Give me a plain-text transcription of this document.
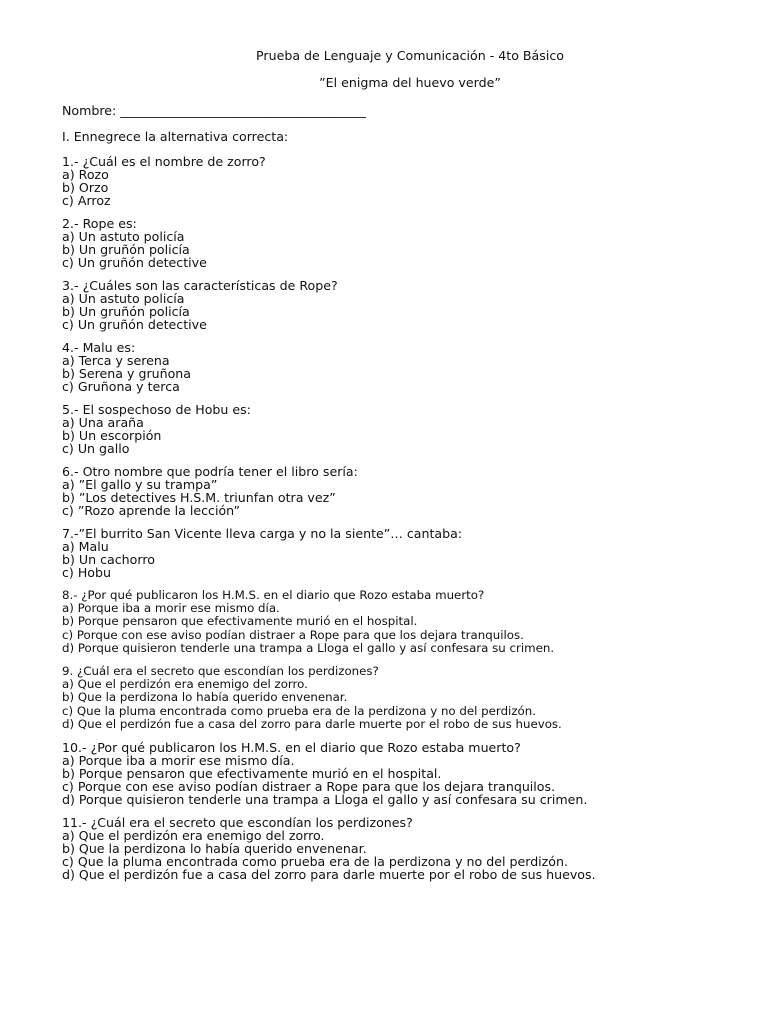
Prueba de Lenguaje y Comunicación - 4to Básico

”El enigma del huevo verde”

Nombre: _______________________________________

I. Ennegrece la alternativa correcta:

1.- ¿Cuál es el nombre de zorro?
a) Rozo
b) Orzo
c) Arroz
2.- Rope es:
a) Un astuto policía
b) Un gruñón policía
c) Un gruñón detective
3.- ¿Cuáles son las características de Rope?
a) Un astuto policía
b) Un gruñón policía
c) Un gruñón detective
4.- Malu es:
a) Terca y serena
b) Serena y gruñona
c) Gruñona y terca
5.- El sospechoso de Hobu es:
a) Una araña
b) Un escorpión
c) Un gallo
6.- Otro nombre que podría tener el libro sería:
a) ”El gallo y su trampa”
b) ”Los detectives H.S.M. triunfan otra vez”
c) ”Rozo aprende la lección”
7.-”El burrito San Vicente lleva carga y no la siente”… cantaba:
a) Malu
b) Un cachorro
c) Hobu
8.- ¿Por qué publicaron los H.M.S. en el diario que Rozo estaba muerto?
a) Porque iba a morir ese mismo día.
b) Porque pensaron que efectivamente murió en el hospital.
c) Porque con ese aviso podían distraer a Rope para que los dejara tranquilos.
d) Porque quisieron tenderle una trampa a Lloga el gallo y así confesara su crimen.
9. ¿Cuál era el secreto que escondían los perdizones?
a) Que el perdizón era enemigo del zorro.
b) Que la perdizona lo había querido envenenar.
c) Que la pluma encontrada como prueba era de la perdizona y no del perdizón.
d) Que el perdizón fue a casa del zorro para darle muerte por el robo de sus huevos.
10.- ¿Por qué publicaron los H.M.S. en el diario que Rozo estaba muerto?
a) Porque iba a morir ese mismo día.
b) Porque pensaron que efectivamente murió en el hospital.
c) Porque con ese aviso podían distraer a Rope para que los dejara tranquilos.
d) Porque quisieron tenderle una trampa a Lloga el gallo y así confesara su crimen.
11.- ¿Cuál era el secreto que escondían los perdizones?
a) Que el perdizón era enemigo del zorro.
b) Que la perdizona lo había querido envenenar.
c) Que la pluma encontrada como prueba era de la perdizona y no del perdizón.
d) Que el perdizón fue a casa del zorro para darle muerte por el robo de sus huevos.
